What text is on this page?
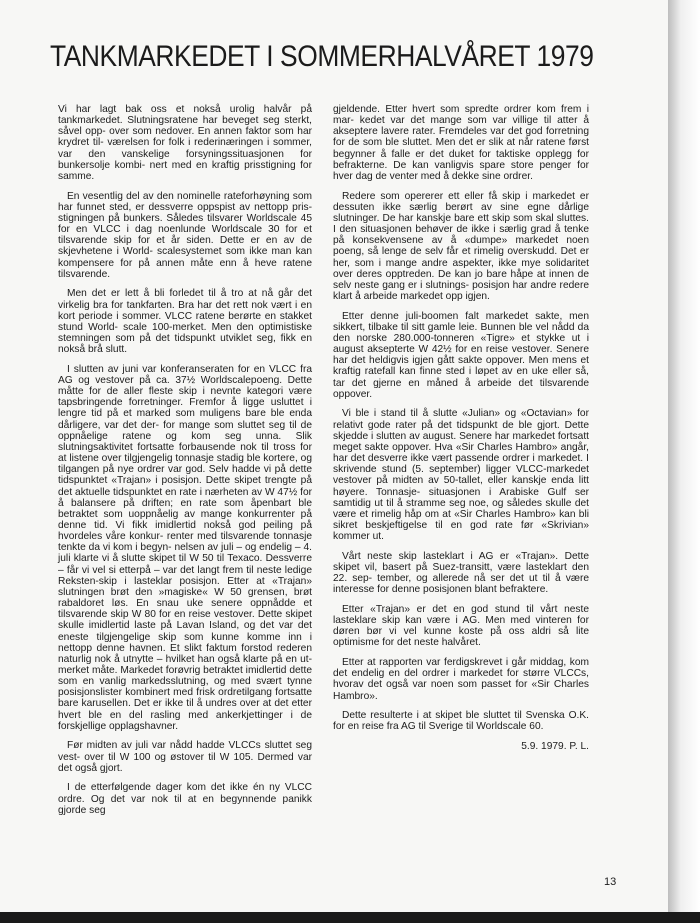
TANKMARKEDET I SOMMERHALVÅRET 1979

Vi har lagt bak oss et nokså urolig halvår på tankmarkedet. Slutningsratene har beveget seg sterkt, såvel opp- over som nedover. En annen faktor som har krydret til- værelsen for folk i rederinæringen i sommer, var den vanskelige forsyningssituasjonen for bunkersolje kombi- nert med en kraftig prisstigning for samme.

En vesentlig del av den nominelle rateforhøyning som har funnet sted, er dessverre oppspist av nettopp pris- stigningen på bunkers. Således tilsvarer Worldscale 45 for en VLCC i dag noenlunde Worldscale 30 for et tilsvarende skip for et år siden. Dette er en av de skjevhetene i World- scalesystemet som ikke man kan kompensere for på annen måte enn å heve ratene tilsvarende.

Men det er lett å bli forledet til å tro at nå går det virkelig bra for tankfarten. Bra har det rett nok vært i en kort periode i sommer. VLCC ratene berørte en stakket stund World- scale 100-merket. Men den optimistiske stemningen som på det tidspunkt utviklet seg, fikk en nokså brå slutt.

I slutten av juni var konferanseraten for en VLCC fra AG og vestover på ca. 37½ Worldscalepoeng. Dette måtte for de aller fleste skip i nevnte kategori være tapsbringende forretninger. Fremfor å ligge usluttet i lengre tid på et marked som muligens bare ble enda dårligere, var det der- for mange som sluttet seg til de oppnåelige ratene og kom seg unna. Slik slutningsaktivitet fortsatte forbausende nok til tross for at listene over tilgjengelig tonnasje stadig ble kortere, og tilgangen på nye ordrer var god. Selv hadde vi på dette tidspunktet «Trajan» i posisjon. Dette skipet trengte på det aktuelle tidspunktet en rate i nærheten av W 47½ for å balansere på driften; en rate som åpenbart ble betraktet som uoppnåelig av mange konkurrenter på denne tid. Vi fikk imidlertid nokså god peiling på hvordeles våre konkur- renter med tilsvarende tonnasje tenkte da vi kom i begyn- nelsen av juli – og endelig – 4. juli klarte vi å slutte skipet til W 50 til Texaco. Dessverre – får vi vel si etterpå – var det langt frem til neste ledige Reksten-skip i lasteklar posisjon. Etter at «Trajan» slutningen brøt den »magiske« W 50 grensen, brøt rabaldoret løs. En snau uke senere oppnådde et tilsvarende skip W 80 for en reise vestover. Dette skipet skulle imidlertid laste på Lavan Island, og det var det eneste tilgjengelige skip som kunne komme inn i nettopp denne havnen. Et slikt faktum forstod rederen naturlig nok å utnytte – hvilket han også klarte på en ut- merket måte. Markedet forøvrig betraktet imidlertid dette som en vanlig markedsslutning, og med svært tynne posisjonslister kombinert med frisk ordretilgang fortsatte bare karusellen. Det er ikke til å undres over at det etter hvert ble en del rasling med ankerkjettinger i de forskjellige opplagshavner.

Før midten av juli var nådd hadde VLCCs sluttet seg vest- over til W 100 og østover til W 105. Dermed var det også gjort.

I de etterfølgende dager kom det ikke én ny VLCC ordre. Og det var nok til at en begynnende panikk gjorde seg

gjeldende. Etter hvert som spredte ordrer kom frem i mar- kedet var det mange som var villige til atter å akseptere lavere rater. Fremdeles var det god forretning for de som ble sluttet. Men det er slik at når ratene først begynner å falle er det duket for taktiske opplegg for befrakterne. De kan vanligvis spare store penger for hver dag de venter med å dekke sine ordrer.

Redere som opererer ett eller få skip i markedet er dessuten ikke særlig berørt av sine egne dårlige slutninger. De har kanskje bare ett skip som skal sluttes. I den situasjonen behøver de ikke i særlig grad å tenke på konsekvensene av å «dumpe» markedet noen poeng, så lenge de selv får et rimelig overskudd. Det er her, som i mange andre aspekter, ikke mye solidaritet over deres opptreden. De kan jo bare håpe at innen de selv neste gang er i slutnings- posisjon har andre redere klart å arbeide markedet opp igjen.

Etter denne juli-boomen falt markedet sakte, men sikkert, tilbake til sitt gamle leie. Bunnen ble vel nådd da den norske 280.000-tonneren «Tigre» et stykke ut i august aksepterte W 42½ for en reise vestover. Senere har det heldigvis igjen gått sakte oppover. Men mens et kraftig ratefall kan finne sted i løpet av en uke eller så, tar det gjerne en måned å arbeide det tilsvarende oppover.

Vi ble i stand til å slutte «Julian» og «Octavian» for relativt gode rater på det tidspunkt de ble gjort. Dette skjedde i slutten av august. Senere har markedet fortsatt meget sakte oppover. Hva «Sir Charles Hambro» angår, har det desverre ikke vært passende ordrer i markedet. I skrivende stund (5. september) ligger VLCC-markedet vestover på midten av 50-tallet, eller kanskje enda litt høyere. Tonnasje- situasjonen i Arabiske Gulf ser samtidig ut til å stramme seg noe, og således skulle det være et rimelig håp om at «Sir Charles Hambro» kan bli sikret beskjeftigelse til en god rate før «Skrivian» kommer ut.

Vårt neste skip lasteklart i AG er «Trajan». Dette skipet vil, basert på Suez-transitt, være lasteklart den 22. sep- tember, og allerede nå ser det ut til å være interesse for denne posisjonen blant befraktere.

Etter «Trajan» er det en god stund til vårt neste lasteklare skip kan være i AG. Men med vinteren for døren bør vi vel kunne koste på oss aldri så lite optimisme for det neste halvåret.

Etter at rapporten var ferdigskrevet i går middag, kom det endelig en del ordrer i markedet for større VLCCs, hvorav det også var noen som passet for «Sir Charles Hambro».

Dette resulterte i at skipet ble sluttet til Svenska O.K. for en reise fra AG til Sverige til Worldscale 60.

5.9. 1979. P. L.

13
